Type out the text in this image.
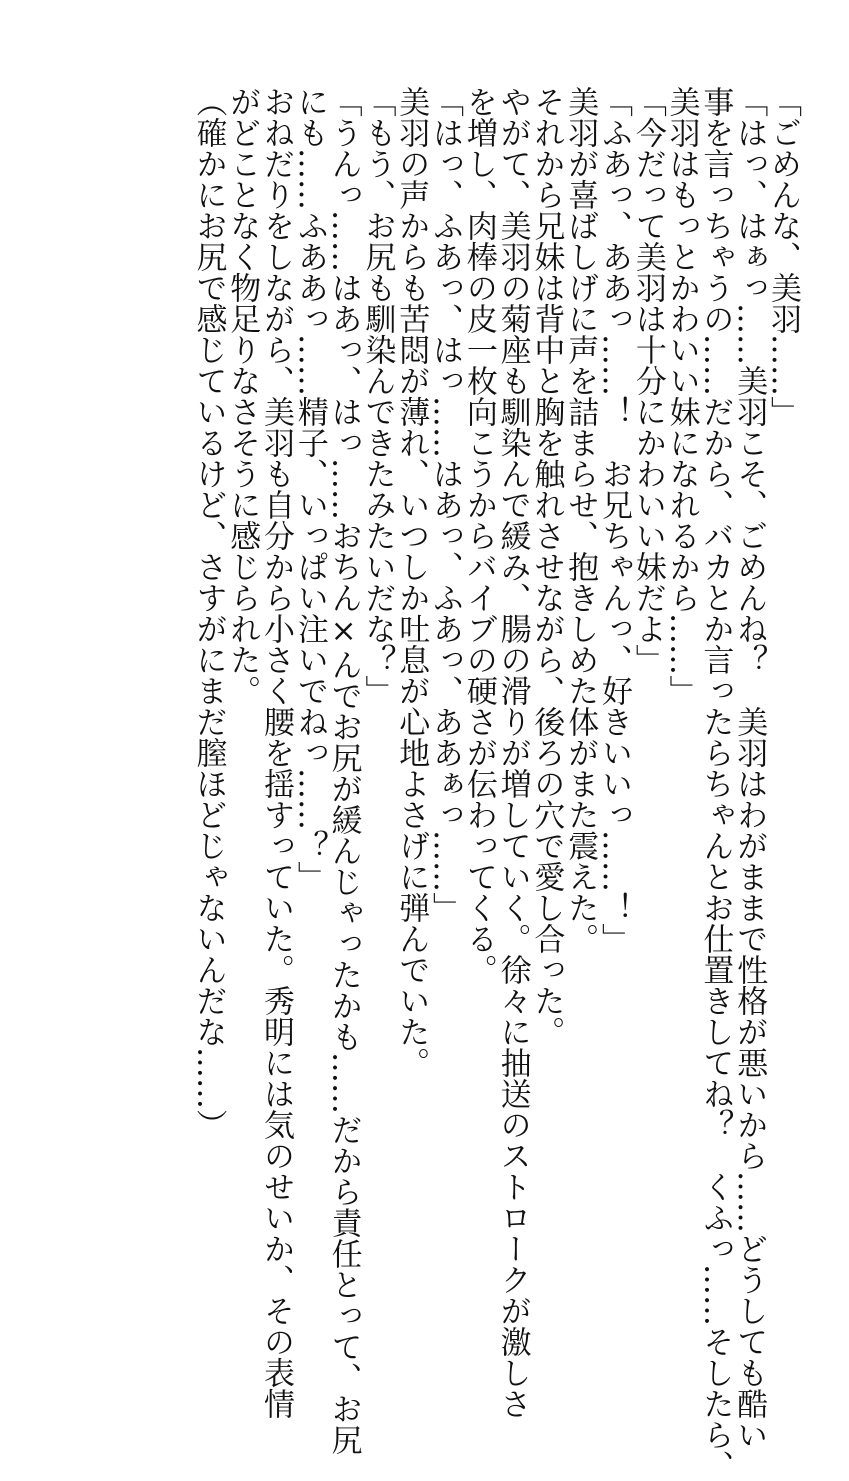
「ごめんな、美羽……」
「はっ、はぁっ……美羽こそ、ごめんね？　美羽はわがままで性格が悪いから……どうしても酷い
事を言っちゃうの……だから、バカとか言ったらちゃんとお仕置きしてね？　くふっ……そしたら、
美羽はもっとかわいい妹になれるから……」
「今だって美羽は十分にかわいい妹だよ」
「ふあっ、ああっ……！　お兄ちゃんっ、好きいいっ……！」
美羽が喜ばしげに声を詰まらせ、抱きしめた体がまた震えた。
それから兄妹は背中と胸を触れさせながら、後ろの穴で愛し合った。
やがて、美羽の菊座も馴染んで緩み、腸の滑りが増していく。徐々に抽送のストロークが激しさ
を増し、肉棒の皮一枚向こうからバイブの硬さが伝わってくる。
「はっ、ふあっ、はっ……はあっ、ふあっ、ああぁっ……」
美羽の声からも苦悶が薄れ、いつしか吐息が心地よさげに弾んでいた。
「もう、お尻も馴染んできたみたいだな？」
「うんっ……はあっ、はっ……おちん×んでお尻が緩んじゃったかも……だから責任とって、お尻
にも……ふああっ……精子、いっぱい注いでねっ……？」
おねだりをしながら、美羽も自分から小さく腰を揺すっていた。秀明には気のせいか、その表情
がどことなく物足りなさそうに感じられた。
（確かにお尻で感じているけど、さすがにまだ膣ほどじゃないんだな……）
